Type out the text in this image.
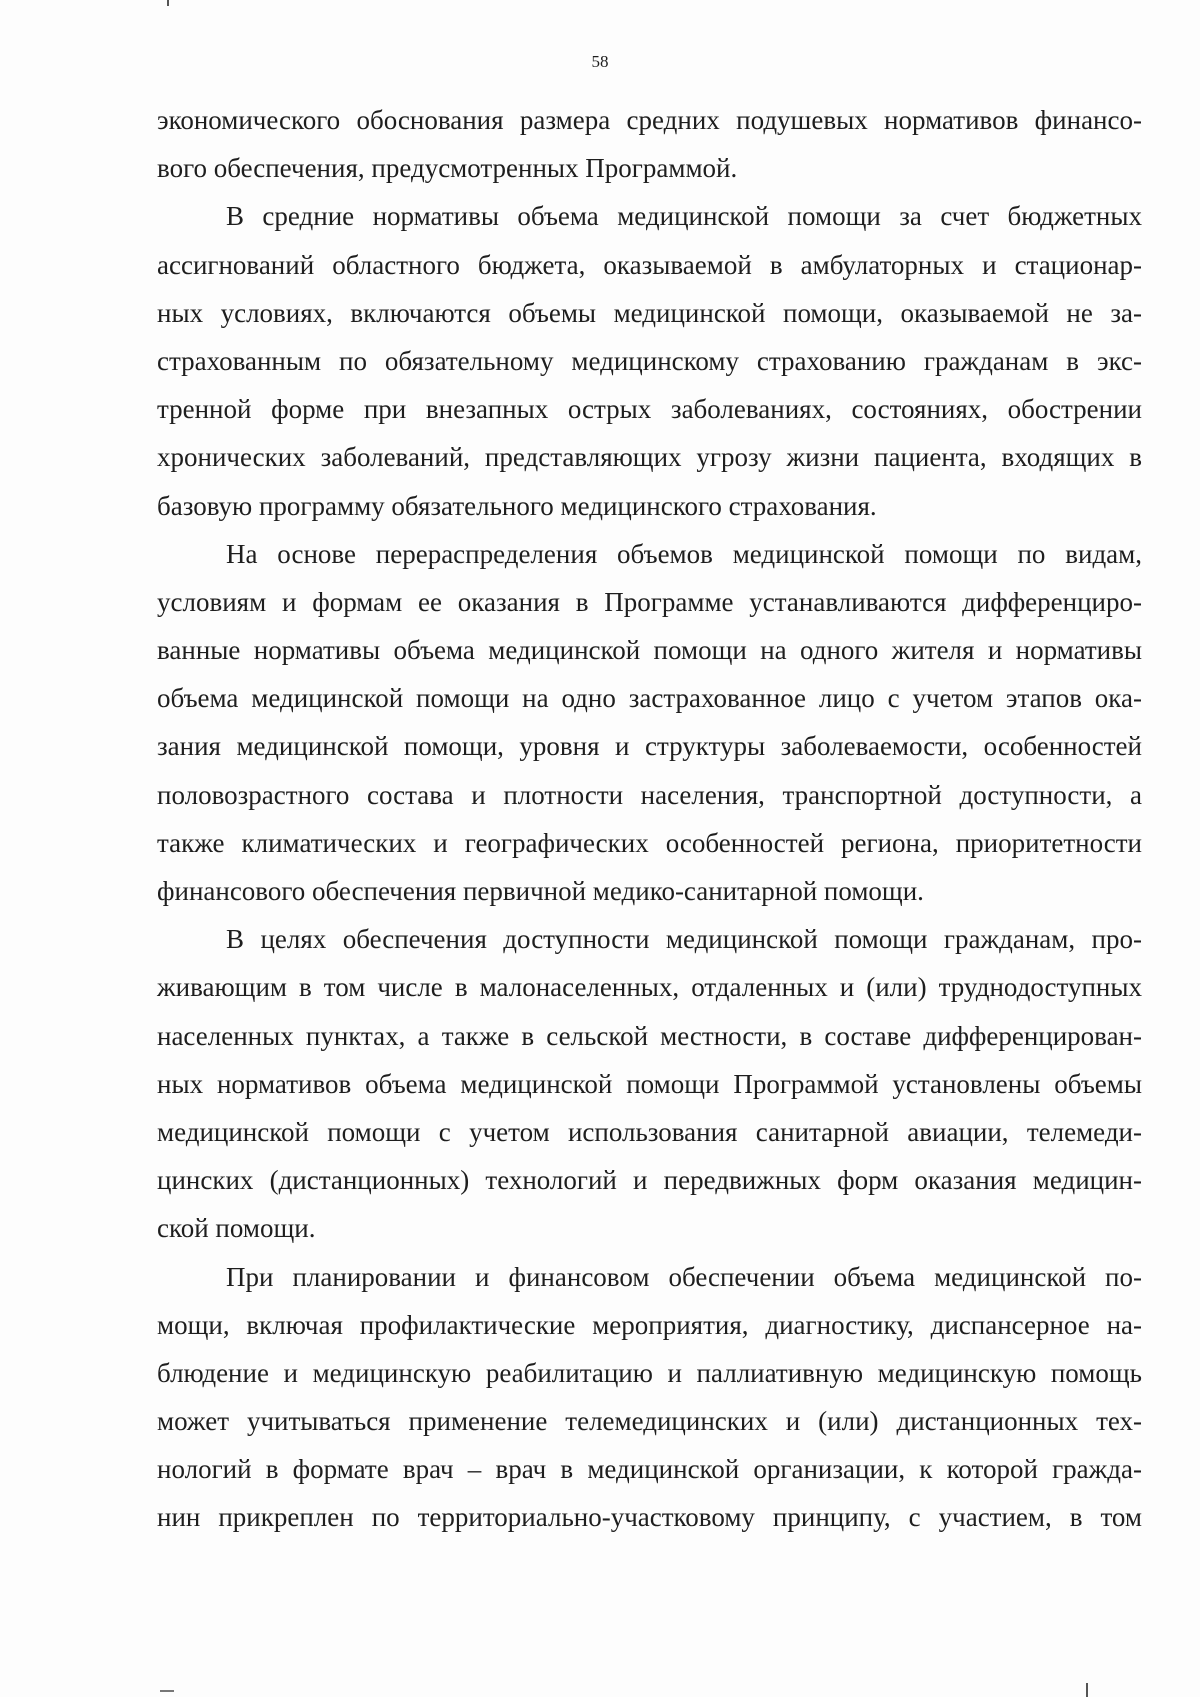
58
экономического обоснования размера средних подушевых нормативов финансо-
вого обеспечения, предусмотренных Программой.
В средние нормативы объема медицинской помощи за счет бюджетных
ассигнований областного бюджета, оказываемой в амбулаторных и стационар-
ных условиях, включаются объемы медицинской помощи, оказываемой не за-
страхованным по обязательному медицинскому страхованию гражданам в экс-
тренной форме при внезапных острых заболеваниях, состояниях, обострении
хронических заболеваний, представляющих угрозу жизни пациента, входящих в
базовую программу обязательного медицинского страхования.
На основе перераспределения объемов медицинской помощи по видам,
условиям и формам ее оказания в Программе устанавливаются дифференциро-
ванные нормативы объема медицинской помощи на одного жителя и нормативы
объема медицинской помощи на одно застрахованное лицо с учетом этапов ока-
зания медицинской помощи, уровня и структуры заболеваемости, особенностей
половозрастного состава и плотности населения, транспортной доступности, а
также климатических и географических особенностей региона, приоритетности
финансового обеспечения первичной медико-санитарной помощи.
В целях обеспечения доступности медицинской помощи гражданам, про-
живающим в том числе в малонаселенных, отдаленных и (или) труднодоступных
населенных пунктах, а также в сельской местности, в составе дифференцирован-
ных нормативов объема медицинской помощи Программой установлены объемы
медицинской помощи с учетом использования санитарной авиации, телемеди-
цинских (дистанционных) технологий и передвижных форм оказания медицин-
ской помощи.
При планировании и финансовом обеспечении объема медицинской по-
мощи, включая профилактические мероприятия, диагностику, диспансерное на-
блюдение и медицинскую реабилитацию и паллиативную медицинскую помощь
может учитываться применение телемедицинских и (или) дистанционных тех-
нологий в формате врач – врач в медицинской организации, к которой гражда-
нин прикреплен по территориально-участковому принципу, с участием, в том
